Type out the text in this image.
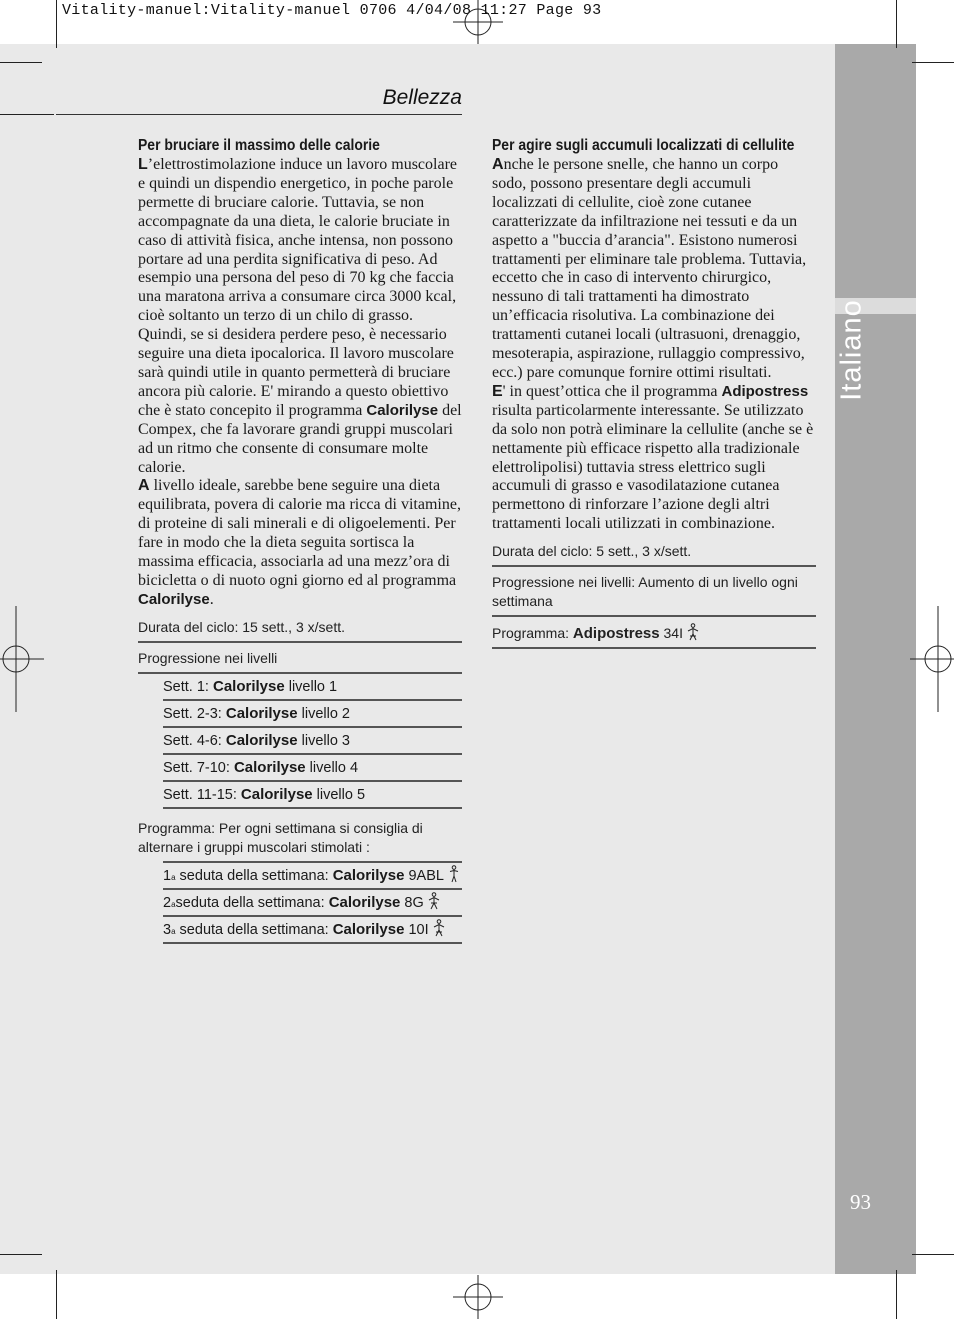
Vitality-manuel:Vitality-manuel 0706 4/04/08 11:27 Page 93
Italiano
93
Bellezza
Per bruciare il massimo delle calorie

L’elettrostimolazione induce un lavoro muscolare e quindi un dispendio energetico, in poche parole permette di bruciare calorie. Tuttavia, se non accompagnate da una dieta, le calorie bruciate in caso di attività fisica, anche intensa, non possono portare ad una perdita significativa di peso. Ad esempio una persona del peso di 70 kg che faccia una maratona arriva a consumare circa 3000 kcal, cioè soltanto un terzo di un chilo di grasso. Quindi, se si desidera perdere peso, è necessario seguire una dieta ipocalorica. Il lavoro muscolare sarà quindi utile in quanto permetterà di bruciare ancora più calorie. E' mirando a questo obiettivo che è stato concepito il programma Calorilyse del Compex, che fa lavorare grandi gruppi muscolari ad un ritmo che consente di consumare molte calorie.

A livello ideale, sarebbe bene seguire una dieta equilibrata, povera di calorie ma ricca di vitamine, di proteine di sali minerali e di oligoelementi. Per fare in modo che la dieta seguita sortisca la massima efficacia, associarla ad una mezz’ora di bicicletta o di nuoto ogni giorno ed al programma Calorilyse.

Durata del ciclo: 15 sett., 3 x/sett.
Progressione nei livelli
Sett. 1: Calorilyse livello 1
Sett. 2-3: Calorilyse livello 2
Sett. 4-6: Calorilyse livello 3
Sett. 7-10: Calorilyse livello 4
Sett. 11-15: Calorilyse livello 5
Programma: Per ogni settimana si consiglia di alternare i gruppi muscolari stimolati :
1$^a$ seduta della settimana: Calorilyse 9ABL
2$^a$seduta della settimana: Calorilyse 8G
3$^a$ seduta della settimana: Calorilyse 10I
Per agire sugli accumuli localizzati di cellulite

Anche le persone snelle, che hanno un corpo sodo, possono presentare degli accumuli localizzati di cellulite, cioè zone cutanee caratterizzate da infiltrazione nei tessuti e da un aspetto a "buccia d’arancia". Esistono numerosi trattamenti per eliminare tale problema. Tuttavia, eccetto che in caso di intervento chirurgico, nessuno di tali trattamenti ha dimostrato un’efficacia risolutiva. La combinazione dei trattamenti cutanei locali (ultrasuoni, drenaggio, mesoterapia, aspirazione, rullaggio compressivo, ecc.) pare comunque fornire ottimi risultati.

E' in quest’ottica che il programma Adipostress risulta particolarmente interessante. Se utilizzato da solo non potrà eliminare la cellulite (anche se è nettamente più efficace rispetto alla tradizionale elettrolipolisi) tuttavia stress elettrico sugli accumuli di grasso e vasodilatazione cutanea permettono di rinforzare l’azione degli altri trattamenti locali utilizzati in combinazione.

Durata del ciclo: 5 sett., 3 x/sett.
Progressione nei livelli: Aumento di un livello ogni settimana
Programma: Adipostress 34I
